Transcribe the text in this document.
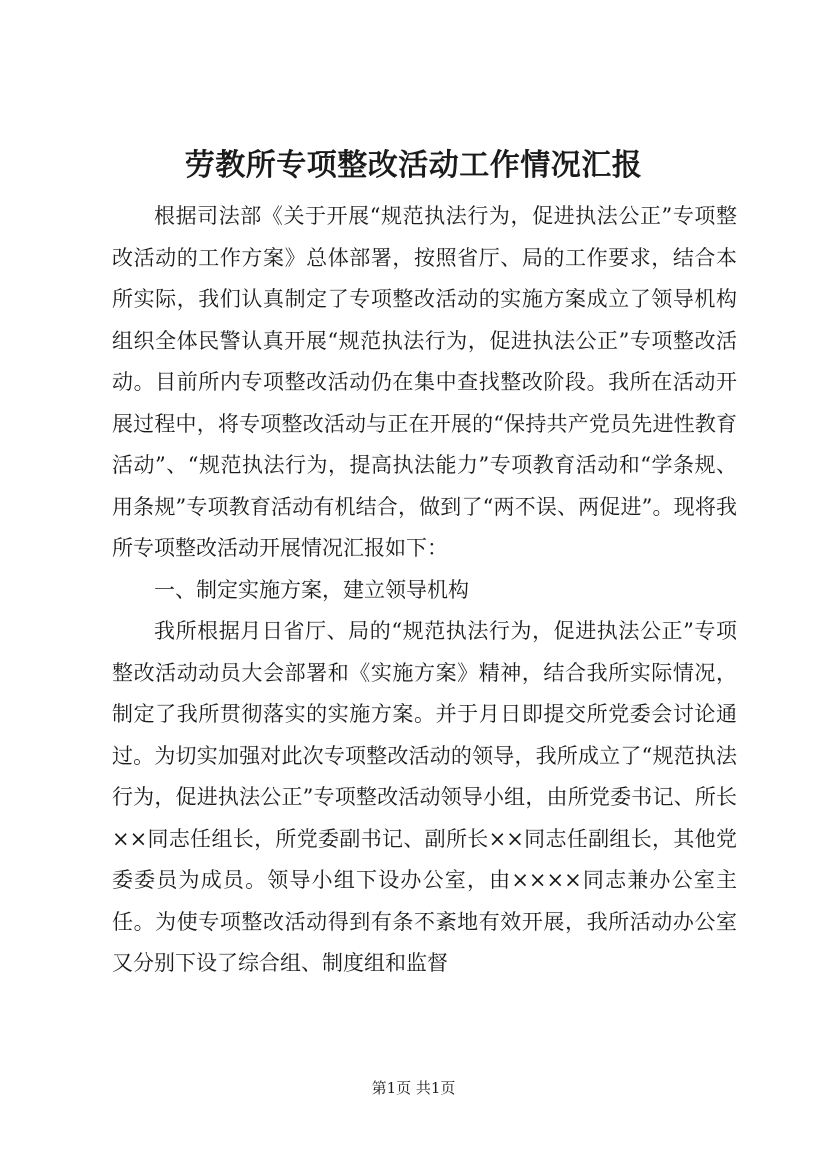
劳教所专项整改活动工作情况汇报

根据司法部《关于开展“规范执法行为，促进执法公正”专项整改活动的工作方案》总体部署，按照省厅、局的工作要求，结合本所实际，我们认真制定了专项整改活动的实施方案成立了领导机构组织全体民警认真开展“规范执法行为，促进执法公正”专项整改活动。目前所内专项整改活动仍在集中查找整改阶段。我所在活动开展过程中，将专项整改活动与正在开展的“保持共产党员先进性教育活动”、“规范执法行为，提高执法能力”专项教育活动和“学条规、用条规”专项教育活动有机结合，做到了“两不误、两促进”。现将我所专项整改活动开展情况汇报如下：

一、制定实施方案，建立领导机构

我所根据月日省厅、局的“规范执法行为，促进执法公正”专项整改活动动员大会部署和《实施方案》精神，结合我所实际情况，制定了我所贯彻落实的实施方案。并于月日即提交所党委会讨论通过。为切实加强对此次专项整改活动的领导，我所成立了“规范执法行为，促进执法公正”专项整改活动领导小组，由所党委书记、所长××同志任组长，所党委副书记、副所长××同志任副组长，其他党委委员为成员。领导小组下设办公室，由××××同志兼办公室主任。为使专项整改活动得到有条不紊地有效开展，我所活动办公室又分别下设了综合组、制度组和监督

第1页 共1页
